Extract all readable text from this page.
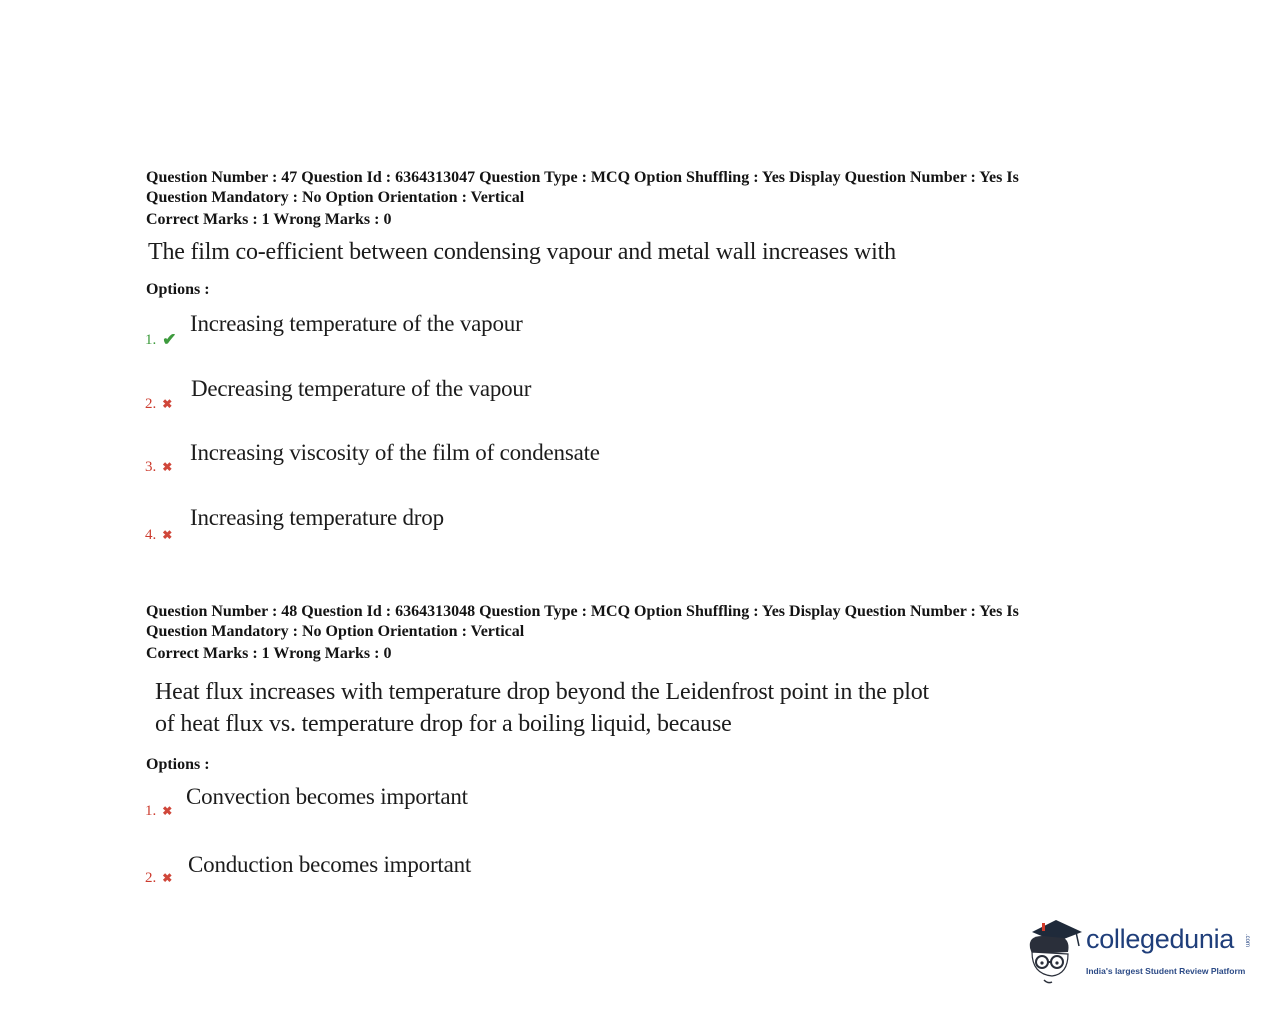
Question Number : 47 Question Id : 6364313047 Question Type : MCQ Option Shuffling : Yes Display Question Number : Yes Is
Question Mandatory : No Option Orientation : Vertical
Correct Marks : 1 Wrong Marks : 0
The film co-efficient between condensing vapour and metal wall increases with
Options :
1. ✔
Increasing temperature of the vapour
2. ✖
Decreasing temperature of the vapour
3. ✖
Increasing viscosity of the film of condensate
4. ✖
Increasing temperature drop
Question Number : 48 Question Id : 6364313048 Question Type : MCQ Option Shuffling : Yes Display Question Number : Yes Is
Question Mandatory : No Option Orientation : Vertical
Correct Marks : 1 Wrong Marks : 0
Heat flux increases with temperature drop beyond the Leidenfrost point in the plot
of heat flux vs. temperature drop for a boiling liquid, because
Options :
1. ✖
Convection becomes important
2. ✖
Conduction becomes important
collegedunia .com
India's largest Student Review Platform
